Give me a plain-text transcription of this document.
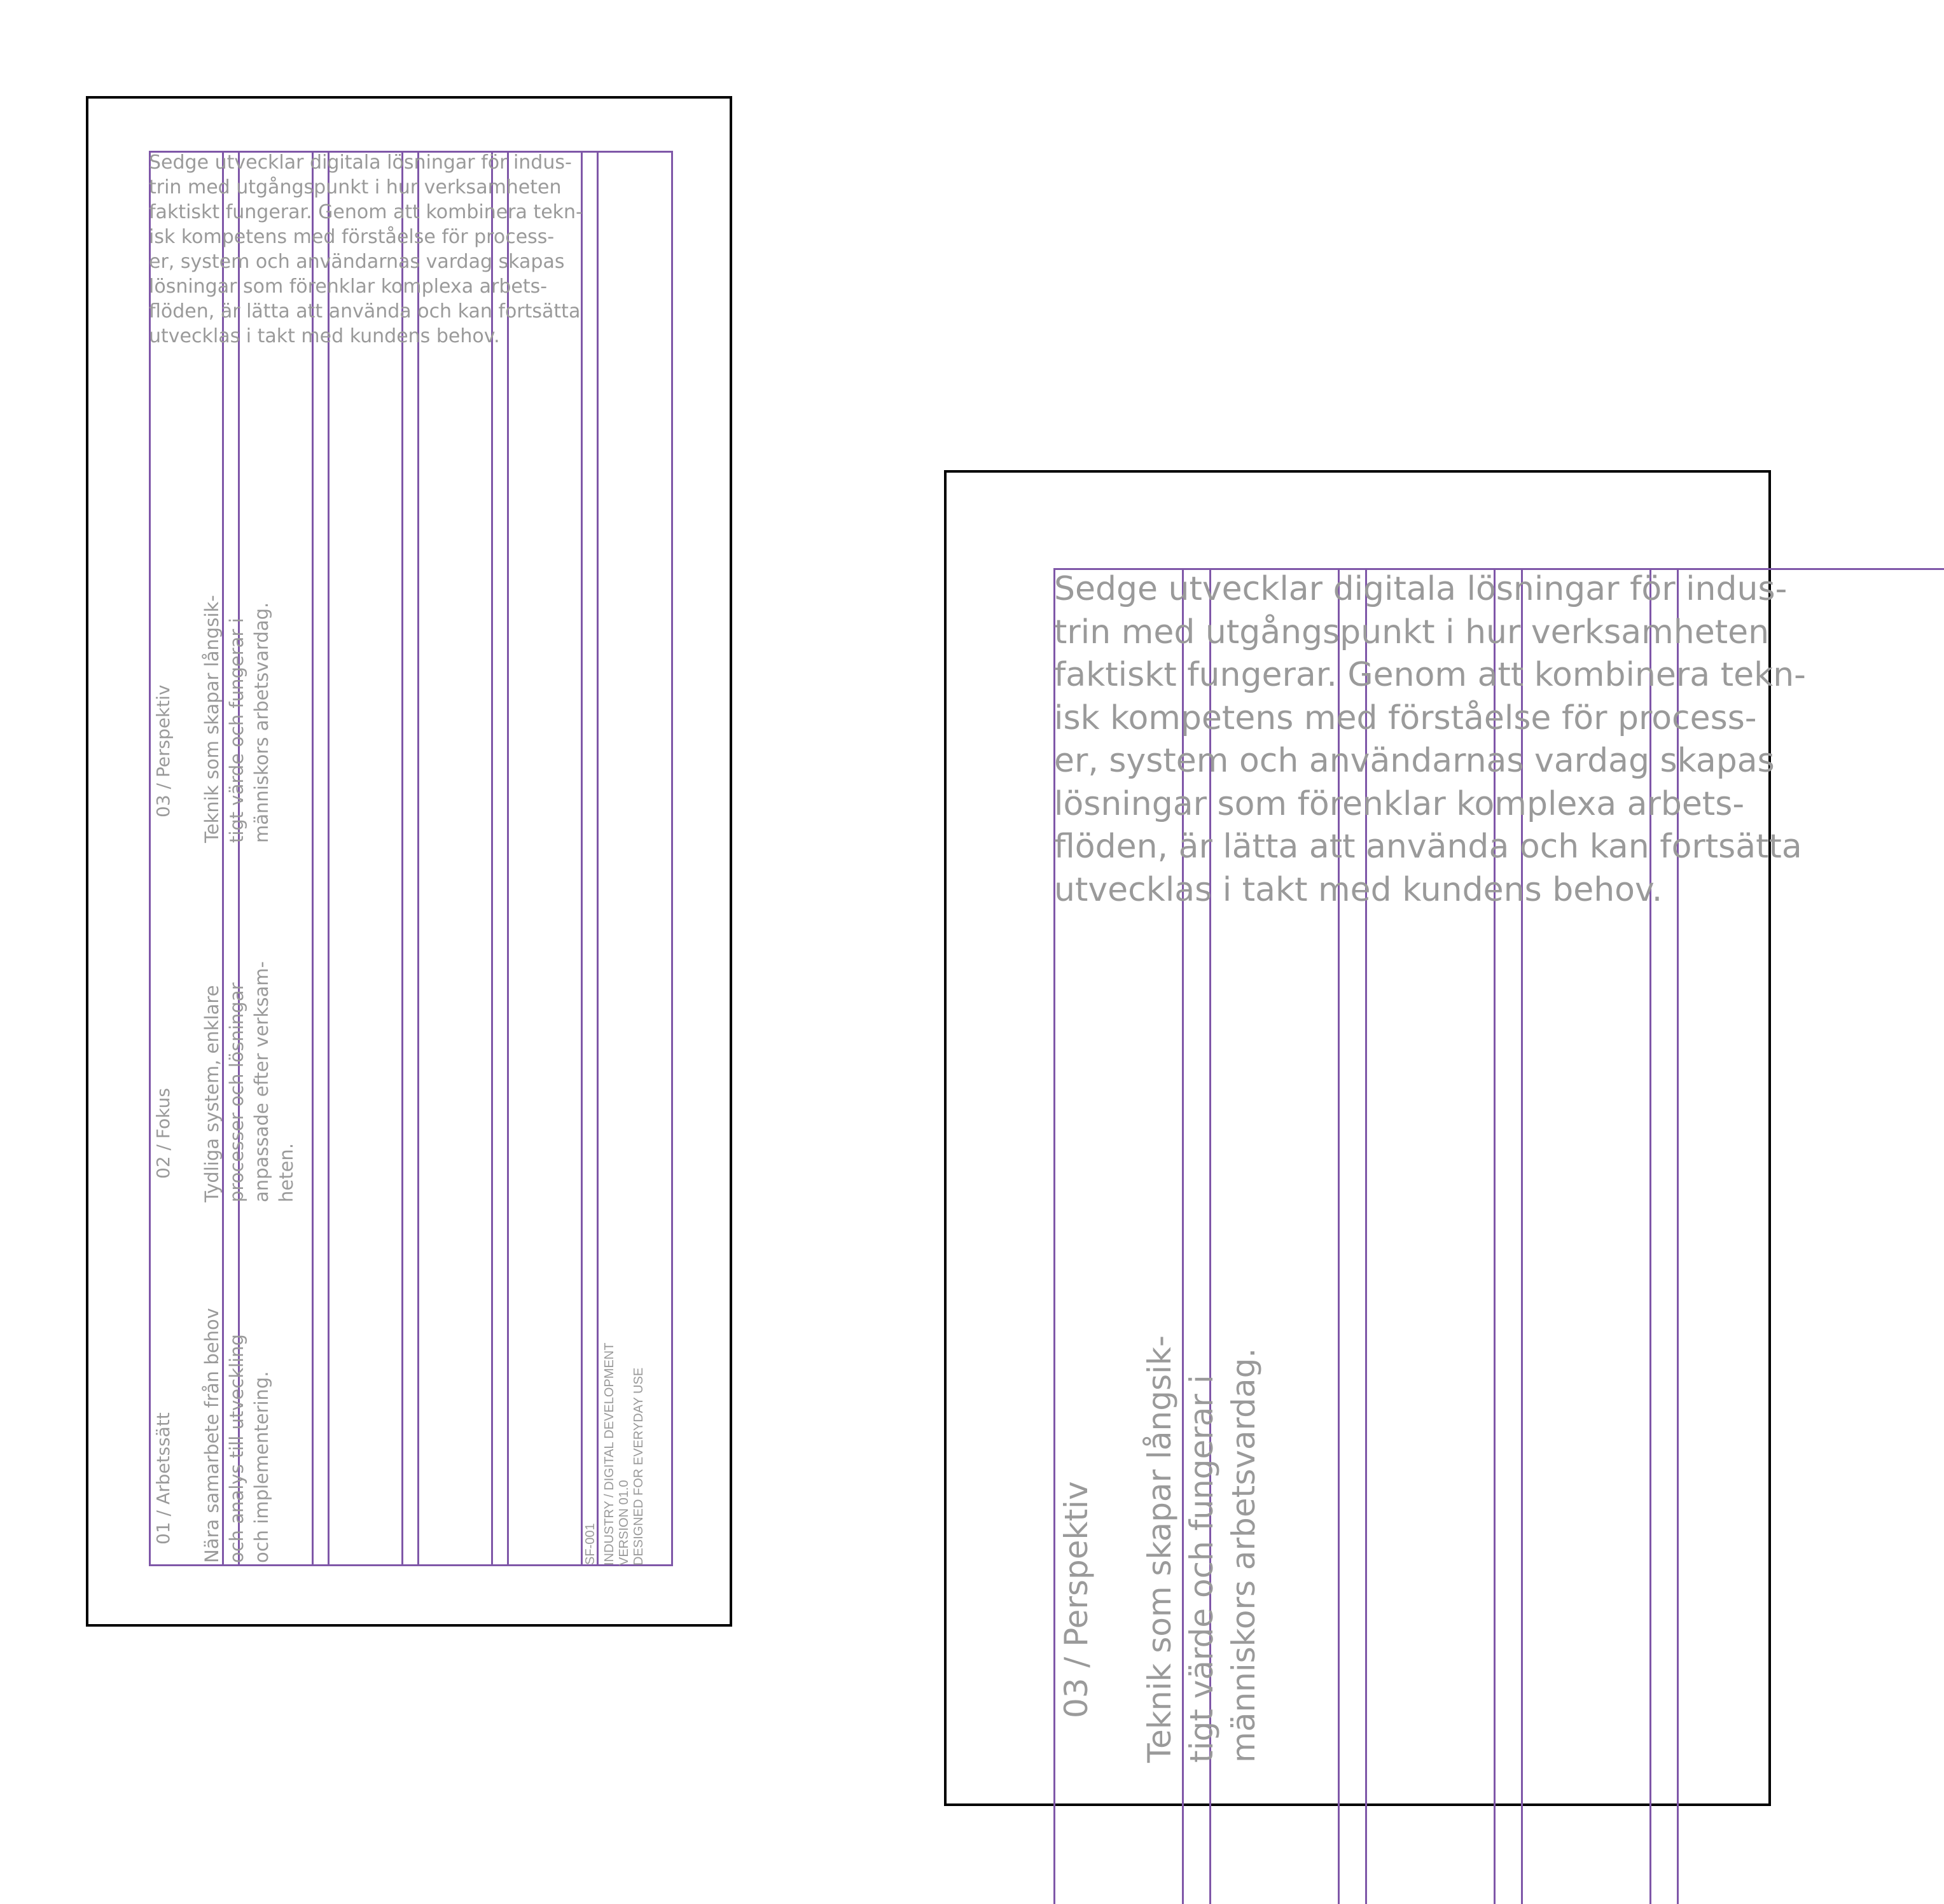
Sedge utvecklar digitala lösningar för indus-
trin med utgångspunkt i hur verksamheten
faktiskt fungerar. Genom att kombinera tekn-
isk kompetens med förståelse för process-
er, system och användarnas vardag skapas
lösningar som förenklar komplexa arbets-
flöden, är lätta att använda och kan fortsätta
utvecklas i takt med kundens behov.

01 / Arbetssätt Nära samarbete från behov
och analys till utveckling
och implementering.

02 / Fokus Tydliga system, enklare
processer och lösningar
anpassade efter verksam-
heten.

03 / Perspektiv Teknik som skapar långsik-
tigt värde och fungerar i
människors arbetsvardag.

SF-001 INDUSTRY / DIGITAL DEVELOPMENT
VERSION 01.0
DESIGNED FOR EVERYDAY USE

Sedge utvecklar digitala lösningar för indus-
trin med utgångspunkt i hur verksamheten
faktiskt fungerar. Genom att kombinera tekn-
isk kompetens med förståelse för process-
er, system och användarnas vardag skapas
lösningar som förenklar komplexa arbets-
flöden, är lätta att använda och kan fortsätta
utvecklas i takt med kundens behov.

03 / Perspektiv Teknik som skapar långsik-
tigt värde och fungerar i
människors arbetsvardag.
